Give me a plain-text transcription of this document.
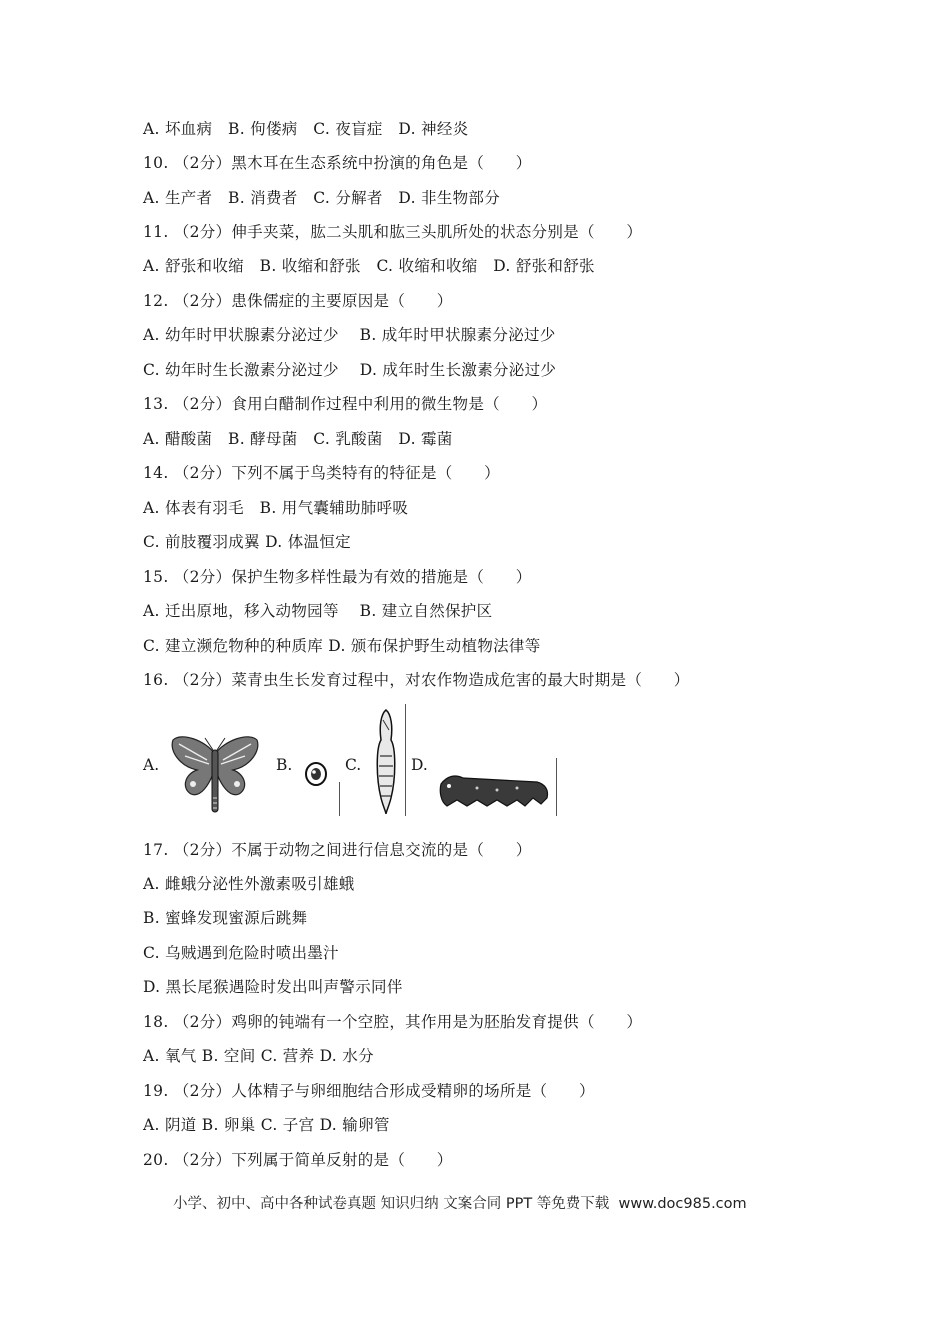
A. 坏血病   B. 佝偻病   C. 夜盲症   D. 神经炎
10. （2分）黑木耳在生态系统中扮演的角色是（　　）
A. 生产者   B. 消费者   C. 分解者   D. 非生物部分
11. （2分）伸手夹菜，肱二头肌和肱三头肌所处的状态分别是（　　）
A. 舒张和收缩   B. 收缩和舒张   C. 收缩和收缩   D. 舒张和舒张
12. （2分）患侏儒症的主要原因是（　　）
A. 幼年时甲状腺素分泌过少    B. 成年时甲状腺素分泌过少
C. 幼年时生长激素分泌过少    D. 成年时生长激素分泌过少
13. （2分）食用白醋制作过程中利用的微生物是（　　）
A. 醋酸菌   B. 酵母菌   C. 乳酸菌   D. 霉菌
14. （2分）下列不属于鸟类特有的特征是（　　）
A. 体表有羽毛   B. 用气囊辅助肺呼吸
C. 前肢覆羽成翼 D. 体温恒定
15. （2分）保护生物多样性最为有效的措施是（　　）
A. 迁出原地，移入动物园等    B. 建立自然保护区
C. 建立濒危物种的种质库 D. 颁布保护野生动植物法律等
16. （2分）菜青虫生长发育过程中，对农作物造成危害的最大时期是（　　）
A.	B.	C.	D.
17. （2分）不属于动物之间进行信息交流的是（　　）
A. 雌蛾分泌性外激素吸引雄蛾
B. 蜜蜂发现蜜源后跳舞
C. 乌贼遇到危险时喷出墨汁
D. 黑长尾猴遇险时发出叫声警示同伴
18. （2分）鸡卵的钝端有一个空腔，其作用是为胚胎发育提供（　　）
A. 氧气 B. 空间 C. 营养 D. 水分
19. （2分）人体精子与卵细胞结合形成受精卵的场所是（　　）
A. 阴道 B. 卵巢 C. 子宫 D. 输卵管
20. （2分）下列属于简单反射的是（　　）
小学、初中、高中各种试卷真题 知识归纳 文案合同 PPT 等免费下载  www.doc985.com
